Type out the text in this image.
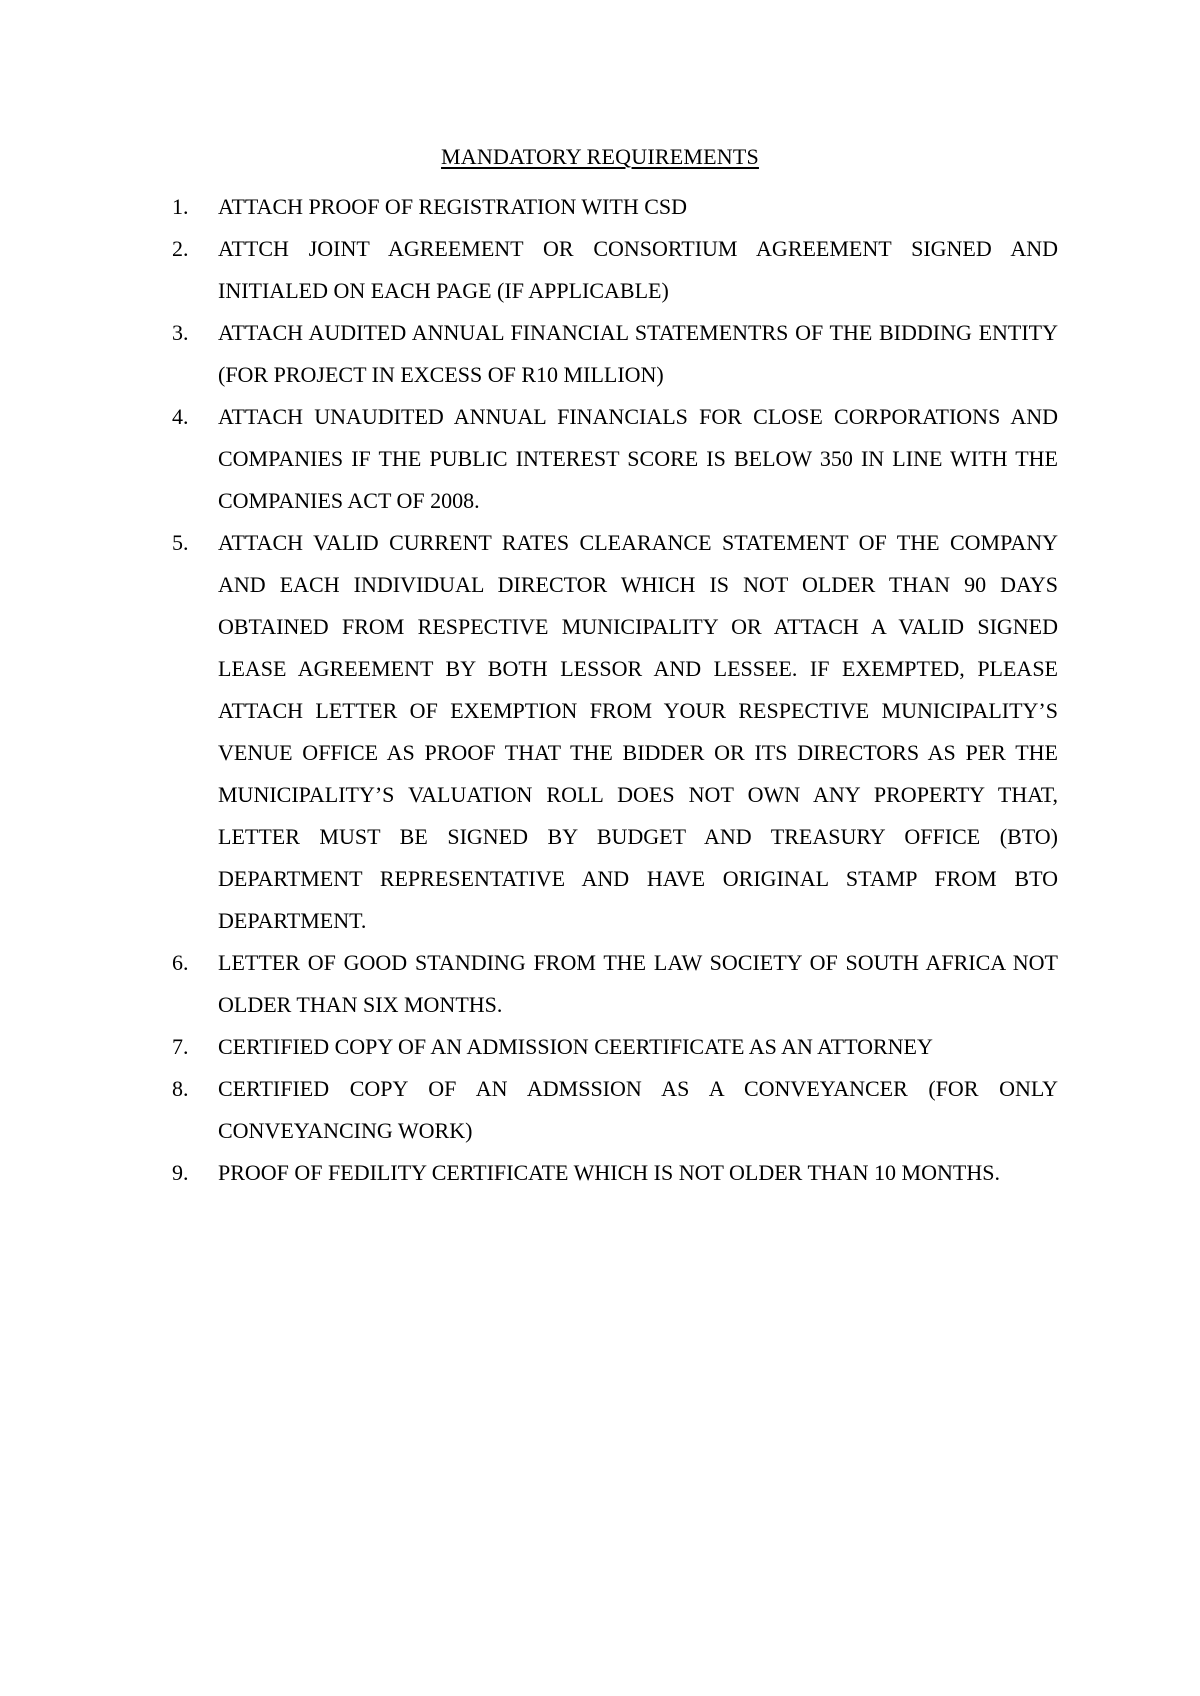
MANDATORY REQUIREMENTS
1.	ATTACH PROOF OF REGISTRATION WITH CSD
2.	ATTCH JOINT AGREEMENT OR CONSORTIUM AGREEMENT SIGNED AND INITIALED ON EACH PAGE (IF APPLICABLE)
3.	ATTACH AUDITED ANNUAL FINANCIAL STATEMENTRS OF THE BIDDING ENTITY (FOR PROJECT IN EXCESS OF R10 MILLION)
4.	ATTACH UNAUDITED ANNUAL FINANCIALS FOR CLOSE CORPORATIONS AND COMPANIES IF THE PUBLIC INTEREST SCORE IS BELOW 350 IN LINE WITH THE COMPANIES ACT OF 2008.
5.	ATTACH VALID CURRENT RATES CLEARANCE STATEMENT OF THE COMPANY AND EACH INDIVIDUAL DIRECTOR WHICH IS NOT OLDER THAN 90 DAYS OBTAINED FROM RESPECTIVE MUNICIPALITY OR ATTACH A VALID SIGNED LEASE AGREEMENT BY BOTH LESSOR AND LESSEE. IF EXEMPTED, PLEASE ATTACH LETTER OF EXEMPTION FROM YOUR RESPECTIVE MUNICIPALITY’S VENUE OFFICE AS PROOF THAT THE BIDDER OR ITS DIRECTORS AS PER THE MUNICIPALITY’S VALUATION ROLL DOES NOT OWN ANY PROPERTY THAT, LETTER MUST BE SIGNED BY BUDGET AND TREASURY OFFICE (BTO) DEPARTMENT REPRESENTATIVE AND HAVE ORIGINAL STAMP FROM BTO DEPARTMENT.
6.	LETTER OF GOOD STANDING FROM THE LAW SOCIETY OF SOUTH AFRICA NOT OLDER THAN SIX MONTHS.
7.	CERTIFIED COPY OF AN ADMISSION CEERTIFICATE AS AN ATTORNEY
8.	CERTIFIED COPY OF AN ADMSSION AS A CONVEYANCER (FOR ONLY CONVEYANCING WORK)
9.	PROOF OF FEDILITY CERTIFICATE WHICH IS NOT OLDER THAN 10 MONTHS.
